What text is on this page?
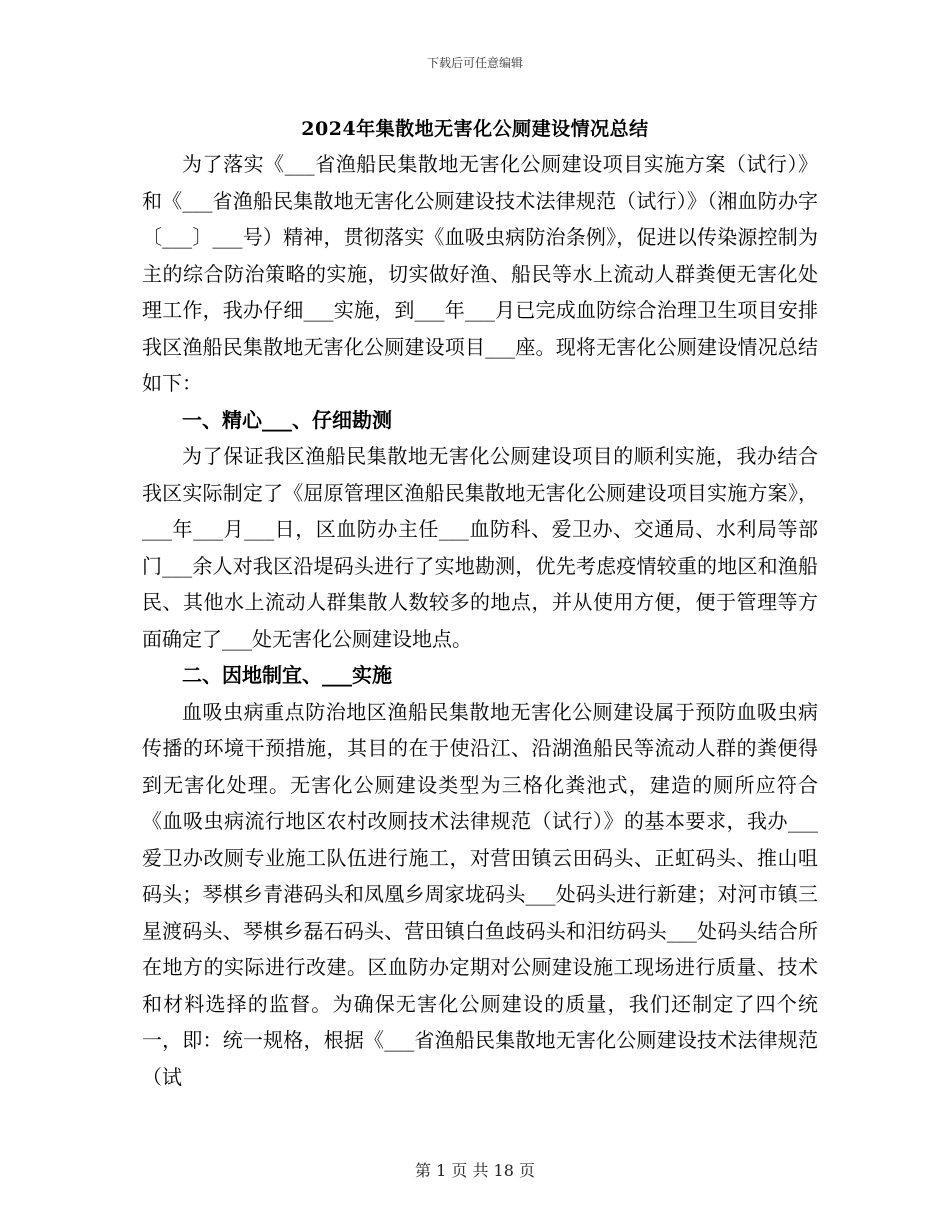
下载后可任意编辑
2024年集散地无害化公厕建设情况总结

为了落实《___省渔船民集散地无害化公厕建设项目实施方案（试行）》和《___省渔船民集散地无害化公厕建设技术法律规范（试行）》（湘血防办字〔___〕___号）精神，贯彻落实《血吸虫病防治条例》，促进以传染源控制为主的综合防治策略的实施，切实做好渔、船民等水上流动人群粪便无害化处理工作，我办仔细___实施，到___年___月已完成血防综合治理卫生项目安排我区渔船民集散地无害化公厕建设项目___座。现将无害化公厕建设情况总结如下：

一、精心___、仔细勘测

为了保证我区渔船民集散地无害化公厕建设项目的顺利实施，我办结合我区实际制定了《屈原管理区渔船民集散地无害化公厕建设项目实施方案》，___年___月___日，区血防办主任___血防科、爱卫办、交通局、水利局等部门___余人对我区沿堤码头进行了实地勘测，优先考虑疫情较重的地区和渔船民、其他水上流动人群集散人数较多的地点，并从使用方便，便于管理等方面确定了___处无害化公厕建设地点。

二、因地制宜、___实施

血吸虫病重点防治地区渔船民集散地无害化公厕建设属于预防血吸虫病传播的环境干预措施，其目的在于使沿江、沿湖渔船民等流动人群的粪便得到无害化处理。无害化公厕建设类型为三格化粪池式，建造的厕所应符合《血吸虫病流行地区农村改厕技术法律规范（试行）》的基本要求，我办___爱卫办改厕专业施工队伍进行施工，对营田镇云田码头、正虹码头、推山咀码头；琴棋乡青港码头和凤凰乡周家垅码头___处码头进行新建；对河市镇三星渡码头、琴棋乡磊石码头、营田镇白鱼歧码头和汨纺码头___处码头结合所在地方的实际进行改建。区血防办定期对公厕建设施工现场进行质量、技术和材料选择的监督。为确保无害化公厕建设的质量，我们还制定了四个统一，即：统一规格，根据《___省渔船民集散地无害化公厕建设技术法律规范（试

第 1 页 共 18 页
